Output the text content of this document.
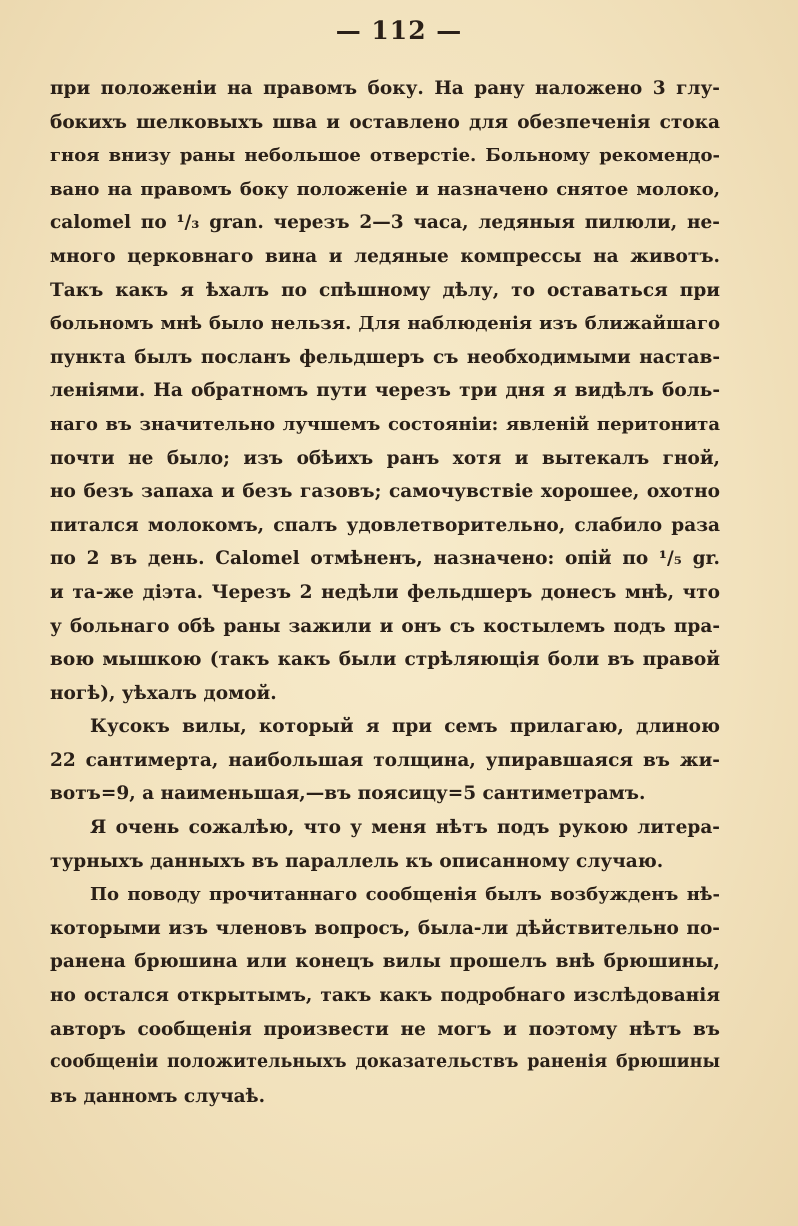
— 112 —
при положенiи на правомъ боку. На рану наложено 3 глу-
бокихъ шелковыхъ шва и оставлено для обезпеченiя стока
гноя внизу раны небольшое отверстiе. Больному рекомендо-
вано на правомъ боку положенiе и назначено снятое молоко,
calomel по ¹/₃ gran. черезъ 2—3 часа, ледяныя пилюли, не-
много церковнаго вина и ледяные компрессы на животъ.
Такъ какъ я ѣхалъ по спѣшному дѣлу, то оставаться при
больномъ мнѣ было нельзя. Для наблюденiя изъ ближайшаго
пункта былъ посланъ фельдшеръ съ необходимыми настав-
ленiями. На обратномъ пути черезъ три дня я видѣлъ боль-
наго въ значительно лучшемъ состоянiи: явленiй перитонита
почти не было; изъ обѣихъ ранъ хотя и вытекалъ гной,
но безъ запаха и безъ газовъ; самочувствiе хорошее, охотно
питался молокомъ, спалъ удовлетворительно, слабило раза
по 2 въ день. Calomel отмѣненъ, назначено: опiй по ¹/₅ gr.
и та-же дiэта. Черезъ 2 недѣли фельдшеръ донесъ мнѣ, что
у больнаго обѣ раны зажили и онъ съ костылемъ подъ пра-
вою мышкою (такъ какъ были стрѣляющiя боли въ правой
ногѣ), уѣхалъ домой.
Кусокъ вилы, который я при семъ прилагаю, длиною
22 сантимерта, наибольшая толщина, упиравшаяся въ жи-
вотъ=9, а наименьшая,—въ поясицу=5 сантиметрамъ.
Я очень сожалѣю, что у меня нѣтъ подъ рукою литера-
турныхъ данныхъ въ параллель къ описанному случаю.
По поводу прочитаннаго сообщенiя былъ возбужденъ нѣ-
которыми изъ членовъ вопросъ, была-ли дѣйствительно по-
ранена брюшина или конецъ вилы прошелъ внѣ брюшины,
но остался открытымъ, такъ какъ подробнаго изслѣдованiя
авторъ сообщенiя произвести не могъ и поэтому нѣтъ въ
сообщенiи положительныхъ доказательствъ раненiя брюшины
въ данномъ случаѣ.
